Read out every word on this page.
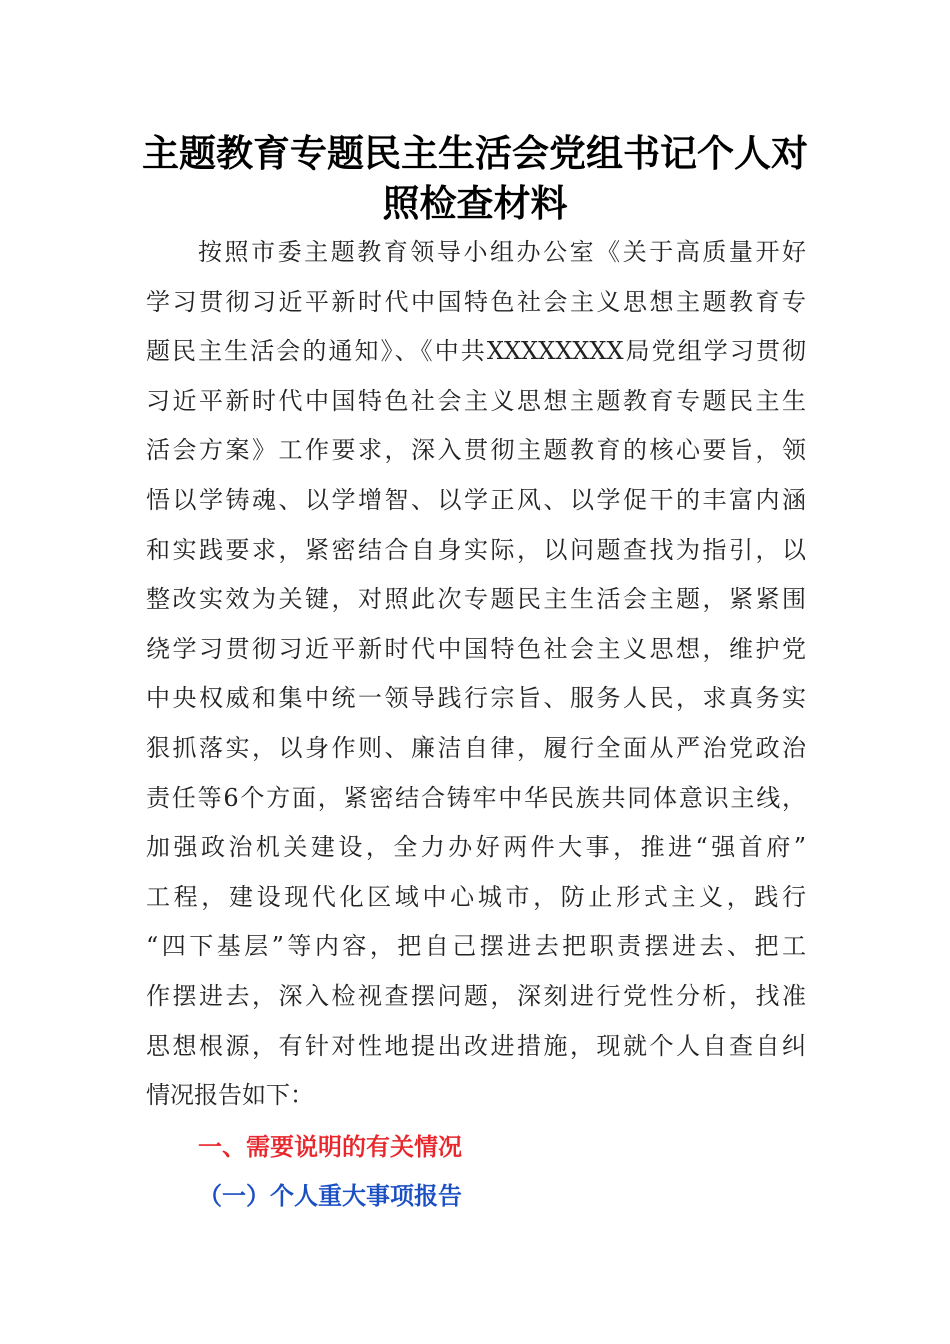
主题教育专题民主生活会党组书记个人对
照检查材料
按照市委主题教育领导小组办公室《关于高质量开好
学习贯彻习近平新时代中国特色社会主义思想主题教育专
题民主生活会的通知》、《中共XXXXXXXX局党组学习贯彻
习近平新时代中国特色社会主义思想主题教育专题民主生
活会方案》工作要求，深入贯彻主题教育的核心要旨，领
悟以学铸魂、以学增智、以学正风、以学促干的丰富内涵
和实践要求，紧密结合自身实际，以问题查找为指引，以
整改实效为关键，对照此次专题民主生活会主题，紧紧围
绕学习贯彻习近平新时代中国特色社会主义思想，维护党
中央权威和集中统一领导践行宗旨、服务人民，求真务实
狠抓落实，以身作则、廉洁自律，履行全面从严治党政治
责任等6个方面，紧密结合铸牢中华民族共同体意识主线，
加强政治机关建设，全力办好两件大事，推进“强首府”
工程，建设现代化区域中心城市，防止形式主义，践行
“四下基层”等内容，把自己摆进去把职责摆进去、把工
作摆进去，深入检视查摆问题，深刻进行党性分析，找准
思想根源，有针对性地提出改进措施，现就个人自查自纠
情况报告如下：
一、需要说明的有关情况
（一）个人重大事项报告
